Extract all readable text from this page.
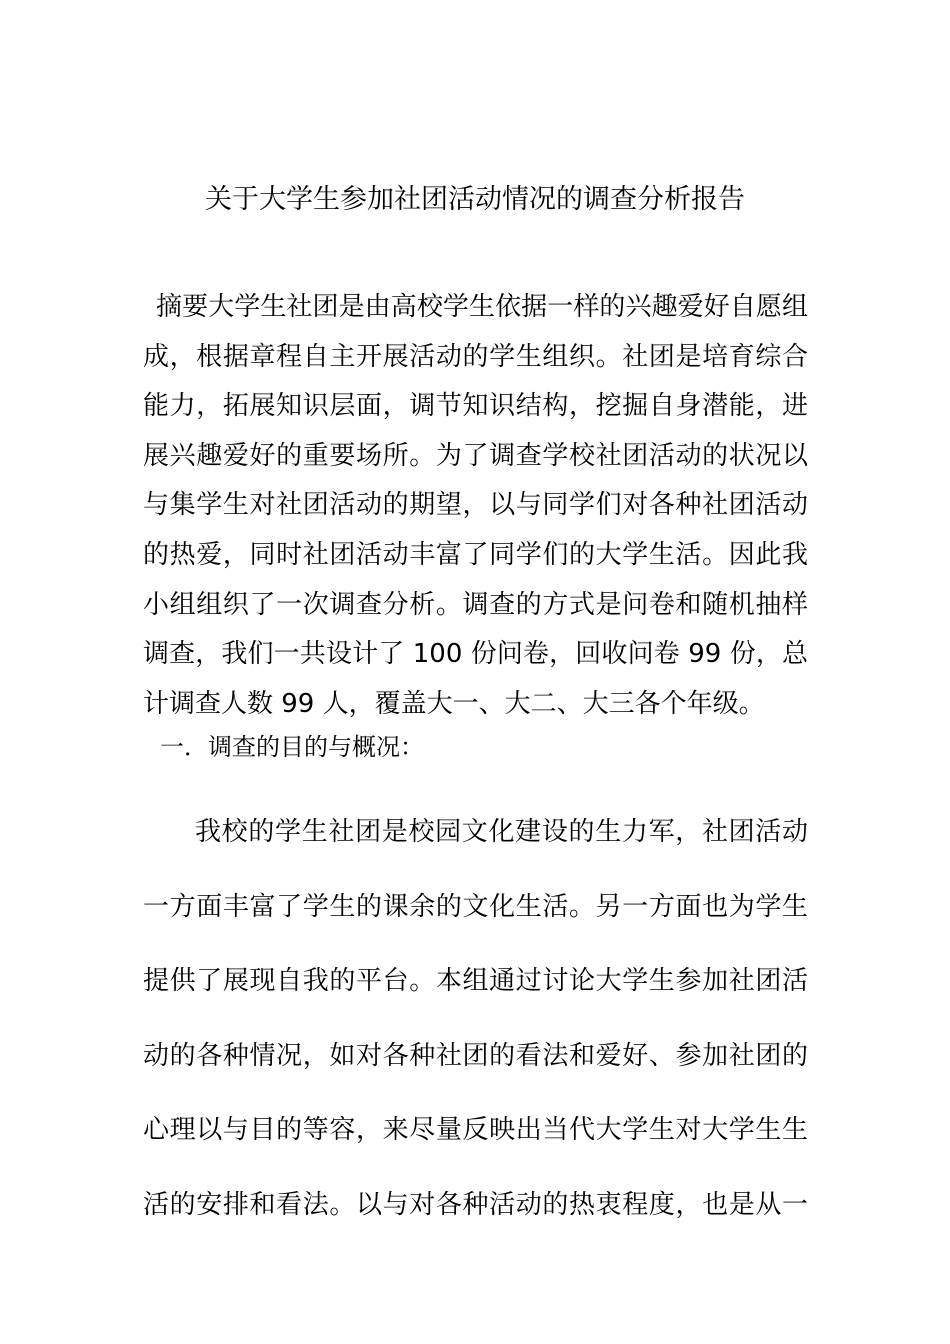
关于大学生参加社团活动情况的调查分析报告
摘要大学生社团是由高校学生依据一样的兴趣爱好自愿组
成，根据章程自主开展活动的学生组织。社团是培育综合
能力，拓展知识层面，调节知识结构，挖掘自身潜能，进
展兴趣爱好的重要场所。为了调查学校社团活动的状况以
与集学生对社团活动的期望，以与同学们对各种社团活动
的热爱，同时社团活动丰富了同学们的大学生活。因此我
小组组织了一次调查分析。调查的方式是问卷和随机抽样
调查，我们一共设计了 100 份问卷，回收问卷 99 份，总
计调查人数 99 人，覆盖大一、大二、大三各个年级。
一．调查的目的与概况：
我校的学生社团是校园文化建设的生力军，社团活动
一方面丰富了学生的课余的文化生活。另一方面也为学生
提供了展现自我的平台。本组通过讨论大学生参加社团活
动的各种情况，如对各种社团的看法和爱好、参加社团的
心理以与目的等容，来尽量反映出当代大学生对大学生生
活的安排和看法。以与对各种活动的热衷程度，也是从一
